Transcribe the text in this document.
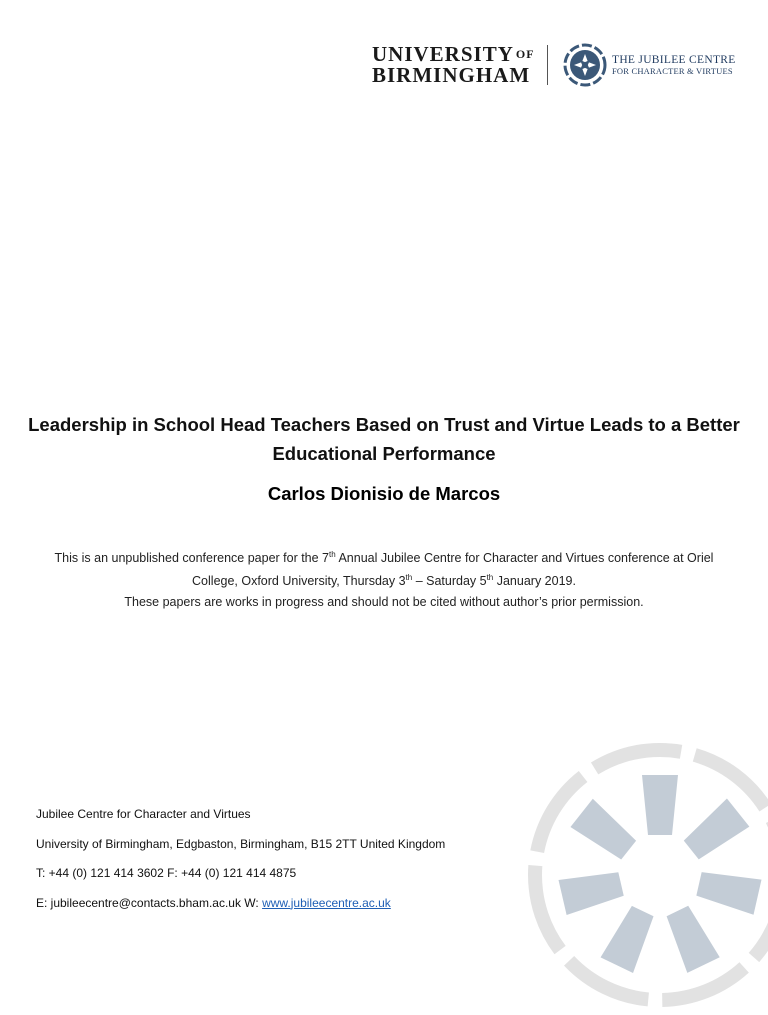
UNIVERSITY $^{OF}$
BIRMINGHAM
THE JUBILEE CENTRE
FOR CHARACTER & VIRTUES
Leadership in School Head Teachers Based on Trust and Virtue Leads to a Better Educational Performance
Carlos Dionisio de Marcos
This is an unpublished conference paper for the 7th Annual Jubilee Centre for Character and Virtues conference at Oriel College, Oxford University, Thursday 3th – Saturday 5th January 2019.
These papers are works in progress and should not be cited without author’s prior permission.
Jubilee Centre for Character and Virtues
University of Birmingham, Edgbaston, Birmingham, B15 2TT United Kingdom
T: +44 (0) 121 414 3602 F: +44 (0) 121 414 4875
E: jubileecentre@contacts.bham.ac.uk W: www.jubileecentre.ac.uk
